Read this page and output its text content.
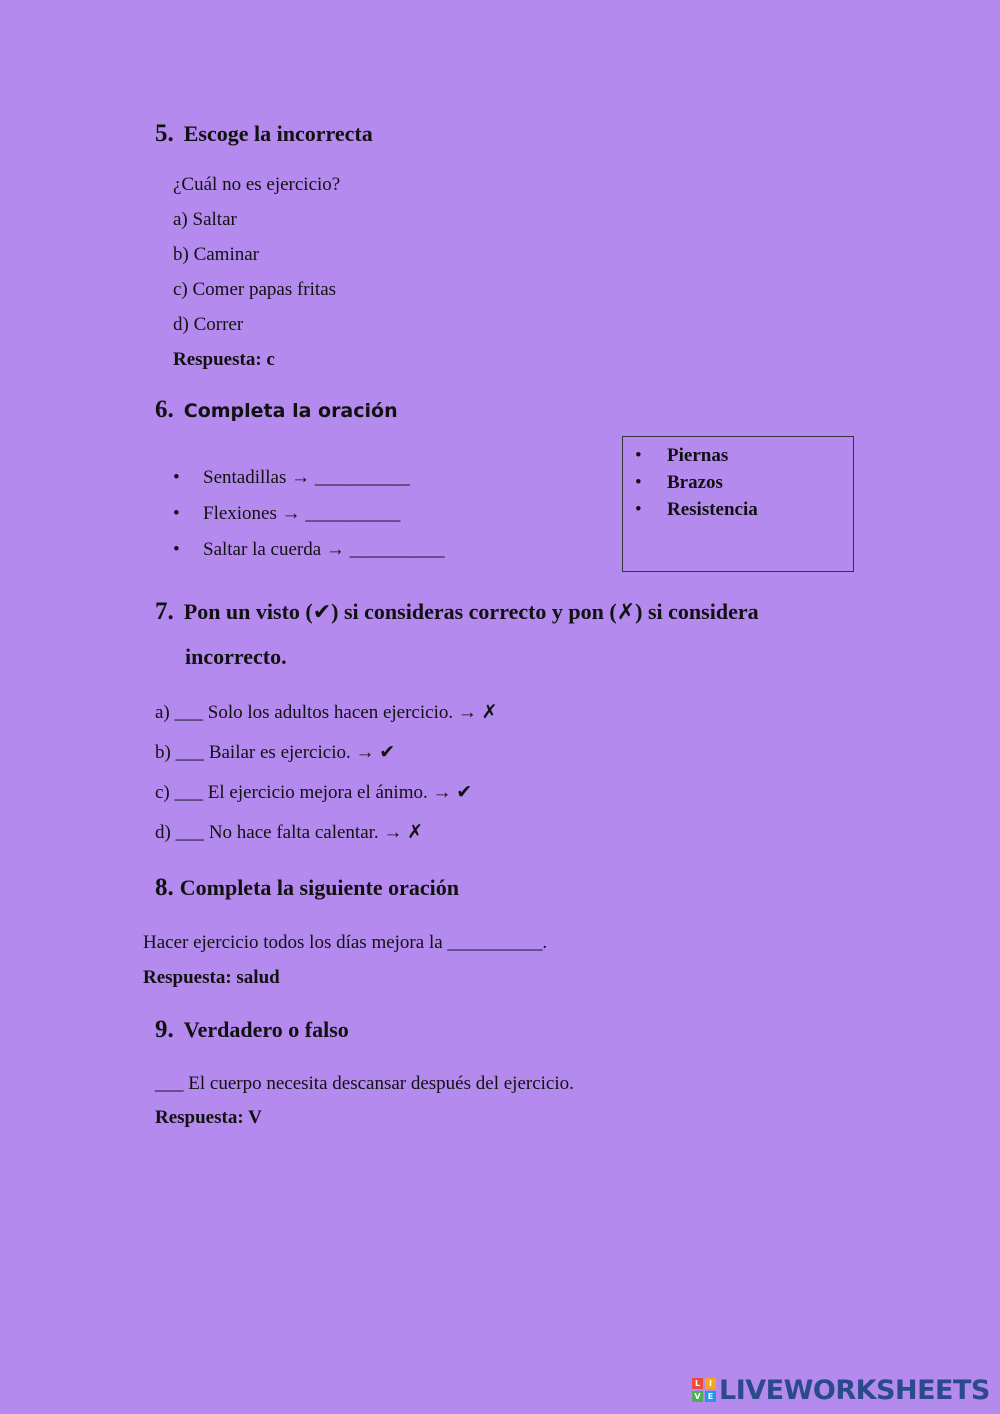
5. Escoge la incorrecta
¿Cuál no es ejercicio?
a) Saltar
b) Caminar
c) Comer papas fritas
d) Correr
Respuesta: c
6. Completa la oración
• Sentadillas → __________
• Flexiones → __________
• Saltar la cuerda → __________
• Piernas
• Brazos
• Resistencia
7. Pon un visto (✔) si consideras correcto y pon (✗) si considera
incorrecto.
a) ___ Solo los adultos hacen ejercicio. → ✗
b) ___ Bailar es ejercicio. → ✔
c) ___ El ejercicio mejora el ánimo. → ✔
d) ___ No hace falta calentar. → ✗
8. Completa la siguiente oración
Hacer ejercicio todos los días mejora la __________.
Respuesta: salud
9. Verdadero o falso
___ El cuerpo necesita descansar después del ejercicio.
Respuesta: V
L	I
V E LIVEWORKSHEETS
